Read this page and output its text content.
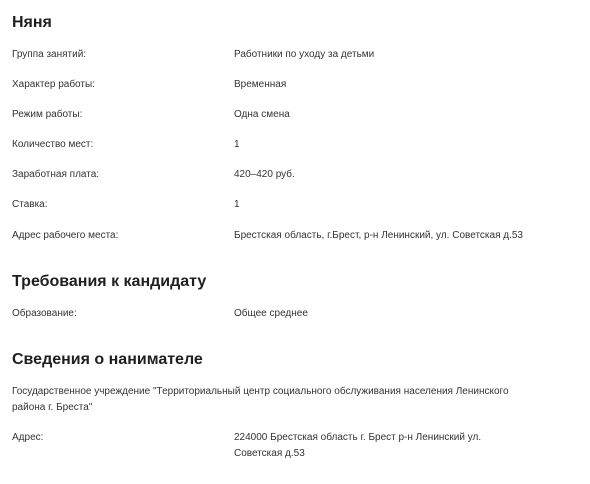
Няня
Группа занятий:	Работники по уходу за детьми
Характер работы:	Временная
Режим работы:	Одна смена
Количество мест:	1
Заработная плата:	420–420 руб.
Ставка:	1
Адрес рабочего места:	Брестская область, г.Брест, р-н Ленинский, ул. Советская д.53
Требования к кандидату
Образование:	Общее среднее
Сведения о нанимателе
Государственное учреждение "Территориальный центр социального обслуживания населения Ленинского района г. Бреста"
Адрес:	224000 Брестская область г. Брест р-н Ленинский ул. Советская д.53
